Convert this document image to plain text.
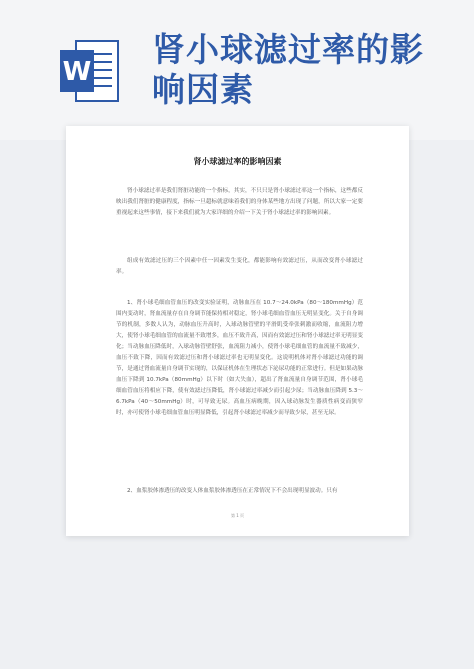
W
肾小球滤过率的影响因素
肾小球滤过率的影响因素

肾小球滤过率是我们肾脏功能的一个指标，其实，不只只是肾小球滤过率这一个指标，这些都反映出我们肾脏的健康程度，指标一旦超标就意味着我们的身体某些地方出现了问题，所以大家一定要重视起来这些事情，接下来我们就为大家详细的介绍一下关于肾小球滤过率的影响因素。

组成有效滤过压的三个因素中任一因素发生变化，都能影响有效滤过压，从而改变肾小球滤过率。

1、肾小球毛细血管血压的改变实验证明，动脉血压在 10.7～24.0kPa（80～180mmHg）范围内变动时，肾血流量存在自身调节能保持相对稳定，肾小球毛细血管血压无明显变化。关于自身调节的机制，多数人认为，动脉血压升高时，入球动脉管壁的平滑肌受牵张刺激而收缩，血流阻力增大，使肾小球毛细血管的血流量不致增多，血压不致升高，因而有效滤过压和肾小球滤过率无明显变化；当动脉血压降低时，入球动脉管壁舒张，血流阻力减小，使肾小球毛细血管的血流量不致减少，血压不致下降，因而有效滤过压和肾小球滤过率也无明显变化。这说明机体对肾小球滤过功能的调节，是通过肾血流量自身调节实现的，以保证机体在生理状态下泌尿功能的正常进行。但是如果动脉血压下降到 10.7kPa（80mmHg）以下时（如大失血），超出了肾血流量自身调节范围，肾小球毛细血管血压将相应下降，使有效滤过压降低，肾小球滤过率减少而引起少尿；当动脉血压降到 5.3～6.7kPa（40～50mmHg）时，可导致无尿。高血压病晚期，因入球动脉发生器质性病变而狭窄时，亦可使肾小球毛细血管血压明显降低，引起肾小球滤过率减少而导致少尿，甚至无尿。

2、血浆胶体渗透压的改变人体血浆胶体渗透压在正常情况下不会出现明显波动。只有

第 1 页
